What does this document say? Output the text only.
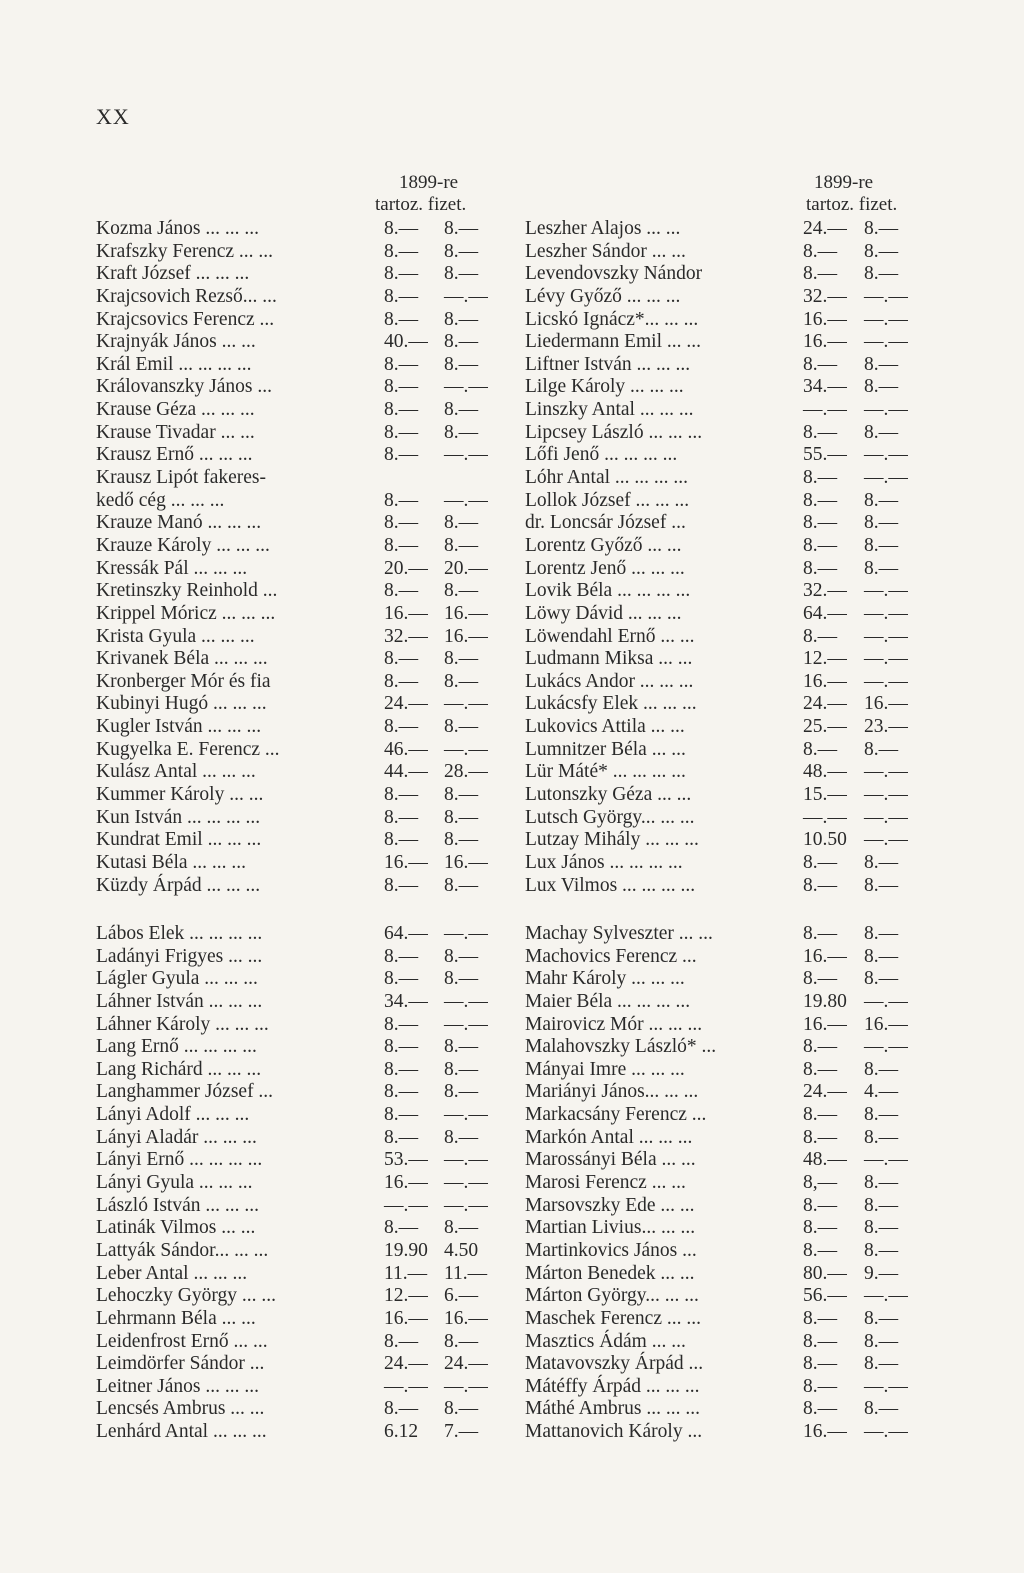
XX
1899-re
tartoz. fizet.
Kozma János ... ... ...	8.— 8.—
Krafszky Ferencz ... ...	8.— 8.—
Kraft József ... ... ...	8.— 8.—
Krajcsovich Rezső... ...	8.— —.—
Krajcsovics Ferencz ...	8.— 8.—
Krajnyák János ... ...	40.— 8.—
Král Emil ... ... ... ...	8.— 8.—
Královanszky János ...	8.— —.—
Krause Géza ... ... ...	8.— 8.—
Krause Tivadar ... ...	8.— 8.—
Krausz Ernő ... ... ...	8.— —.—
Krausz Lipót fakeres-
kedő cég ... ... ...	8.— —.—
Krauze Manó ... ... ...	8.— 8.—
Krauze Károly ... ... ...	8.— 8.—
Kressák Pál ... ... ...	20.— 20.—
Kretinszky Reinhold ...	8.— 8.—
Krippel Móricz ... ... ...	16.— 16.—
Krista Gyula ... ... ...	32.— 16.—
Krivanek Béla ... ... ...	8.— 8.—
Kronberger Mór és fia	8.— 8.—
Kubinyi Hugó ... ... ...	24.— —.—
Kugler István ... ... ...	8.— 8.—
Kugyelka E. Ferencz ...	46.— —.—
Kulász Antal ... ... ...	44.— 28.—
Kummer Károly ... ...	8.— 8.—
Kun István ... ... ... ...	8.— 8.—
Kundrat Emil ... ... ...	8.— 8.—
Kutasi Béla ... ... ...	16.— 16.—
Küzdy Árpád ... ... ...	8.— 8.—
Lábos Elek ... ... ... ...	64.— —.—
Ladányi Frigyes ... ...	8.— 8.—
Lágler Gyula ... ... ...	8.— 8.—
Láhner István ... ... ...	34.— —.—
Láhner Károly ... ... ...	8.— —.—
Lang Ernő ... ... ... ...	8.— 8.—
Lang Richárd ... ... ...	8.— 8.—
Langhammer József ...	8.— 8.—
Lányi Adolf ... ... ...	8.— —.—
Lányi Aladár ... ... ...	8.— 8.—
Lányi Ernő ... ... ... ...	53.— —.—
Lányi Gyula ... ... ...	16.— —.—
László István ... ... ...	—.— —.—
Latinák Vilmos ... ...	8.— 8.—
Lattyák Sándor... ... ...	19.90 4.50
Leber Antal ... ... ...	11.— 11.—
Lehoczky György ... ...	12.— 6.—
Lehrmann Béla ... ...	16.— 16.—
Leidenfrost Ernő ... ...	8.— 8.—
Leimdörfer Sándor ...	24.— 24.—
Leitner János ... ... ...	—.— —.—
Lencsés Ambrus ... ...	8.— 8.—
Lenhárd Antal ... ... ...	6.12 7.—
1899-re
tartoz. fizet.
Leszher Alajos ... ...	24.— 8.—
Leszher Sándor ... ...	8.— 8.—
Levendovszky Nándor	8.— 8.—
Lévy Győző ... ... ...	32.— —.—
Licskó Ignácz*... ... ...	16.— —.—
Liedermann Emil ... ...	16.— —.—
Liftner István ... ... ...	8.— 8.—
Lilge Károly ... ... ...	34.— 8.—
Linszky Antal ... ... ...	—.— —.—
Lipcsey László ... ... ...	8.— 8.—
Lőfi Jenő ... ... ... ...	55.— —.—
Lóhr Antal ... ... ... ...	8.— —.—
Lollok József ... ... ...	8.— 8.—
dr. Loncsár József ...	8.— 8.—
Lorentz Győző ... ...	8.— 8.—
Lorentz Jenő ... ... ...	8.— 8.—
Lovik Béla ... ... ... ...	32.— —.—
Löwy Dávid ... ... ...	64.— —.—
Löwendahl Ernő ... ...	8.— —.—
Ludmann Miksa ... ...	12.— —.—
Lukács Andor ... ... ...	16.— —.—
Lukácsfy Elek ... ... ...	24.— 16.—
Lukovics Attila ... ...	25.— 23.—
Lumnitzer Béla ... ...	8.— 8.—
Lür Máté* ... ... ... ...	48.— —.—
Lutonszky Géza ... ...	15.— —.—
Lutsch György... ... ...	—.— —.—
Lutzay Mihály ... ... ...	10.50 —.—
Lux János ... ... ... ...	8.— 8.—
Lux Vilmos ... ... ... ...	8.— 8.—
Machay Sylveszter ... ...	8.— 8.—
Machovics Ferencz ...	16.— 8.—
Mahr Károly ... ... ...	8.— 8.—
Maier Béla ... ... ... ...	19.80 —.—
Mairovicz Mór ... ... ...	16.— 16.—
Malahovszky László* ...	8.— —.—
Mányai Imre ... ... ...	8.— 8.—
Mariányi János... ... ...	24.— 4.—
Markacsány Ferencz ...	8.— 8.—
Markón Antal ... ... ...	8.— 8.—
Marossányi Béla ... ...	48.— —.—
Marosi Ferencz ... ...	8,— 8.—
Marsovszky Ede ... ...	8.— 8.—
Martian Livius... ... ...	8.— 8.—
Martinkovics János ...	8.— 8.—
Márton Benedek ... ...	80.— 9.—
Márton György... ... ...	56.— —.—
Maschek Ferencz ... ...	8.— 8.—
Masztics Ádám ... ...	8.— 8.—
Matavovszky Árpád ...	8.— 8.—
Mátéffy Árpád ... ... ...	8.— —.—
Máthé Ambrus ... ... ...	8.— 8.—
Mattanovich Károly ...	16.— —.—
